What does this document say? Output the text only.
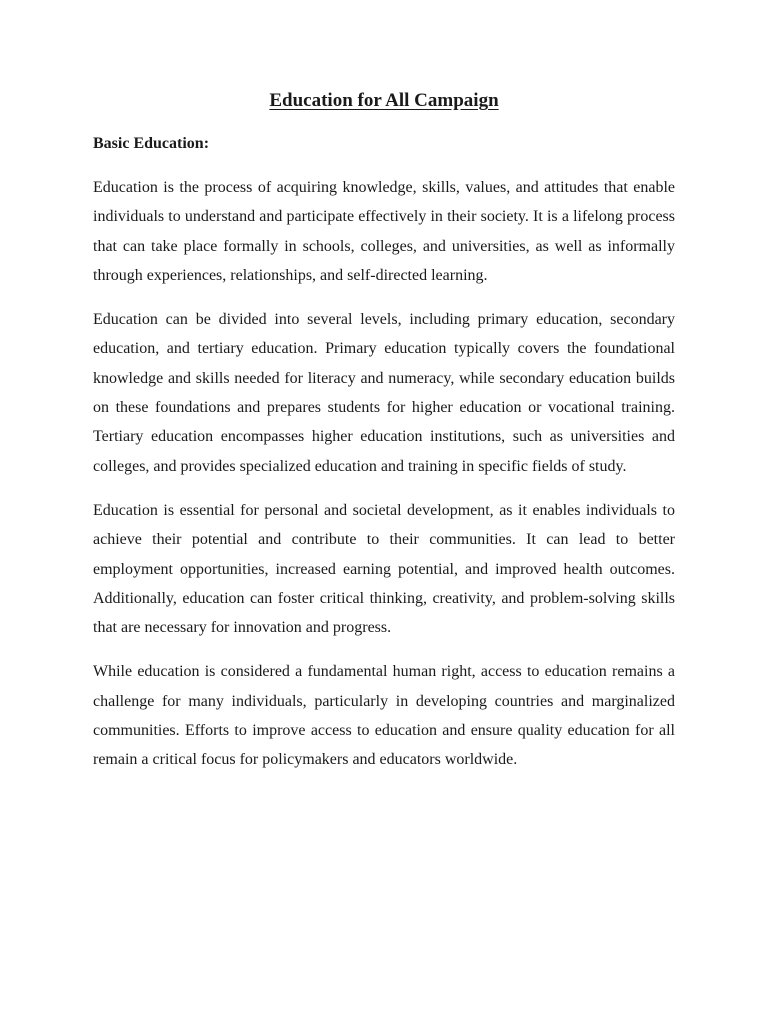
Education for All Campaign

Basic Education:

Education is the process of acquiring knowledge, skills, values, and attitudes that enable individuals to understand and participate effectively in their society. It is a lifelong process that can take place formally in schools, colleges, and universities, as well as informally through experiences, relationships, and self-directed learning.

Education can be divided into several levels, including primary education, secondary education, and tertiary education. Primary education typically covers the foundational knowledge and skills needed for literacy and numeracy, while secondary education builds on these foundations and prepares students for higher education or vocational training. Tertiary education encompasses higher education institutions, such as universities and colleges, and provides specialized education and training in specific fields of study.

Education is essential for personal and societal development, as it enables individuals to achieve their potential and contribute to their communities. It can lead to better employment opportunities, increased earning potential, and improved health outcomes. Additionally, education can foster critical thinking, creativity, and problem-solving skills that are necessary for innovation and progress.

While education is considered a fundamental human right, access to education remains a challenge for many individuals, particularly in developing countries and marginalized communities. Efforts to improve access to education and ensure quality education for all remain a critical focus for policymakers and educators worldwide.
